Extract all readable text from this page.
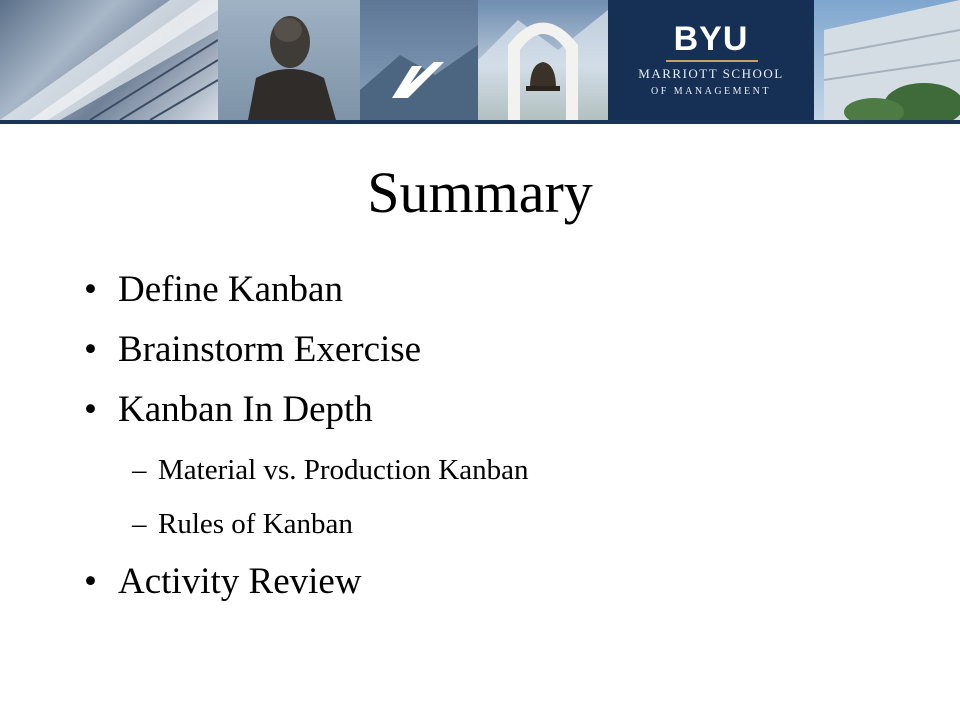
BYU
MARRIOTT SCHOOL
OF MANAGEMENT
Summary
• Define Kanban
• Brainstorm Exercise
• Kanban In Depth
– Material vs. Production Kanban
– Rules of Kanban
• Activity Review
